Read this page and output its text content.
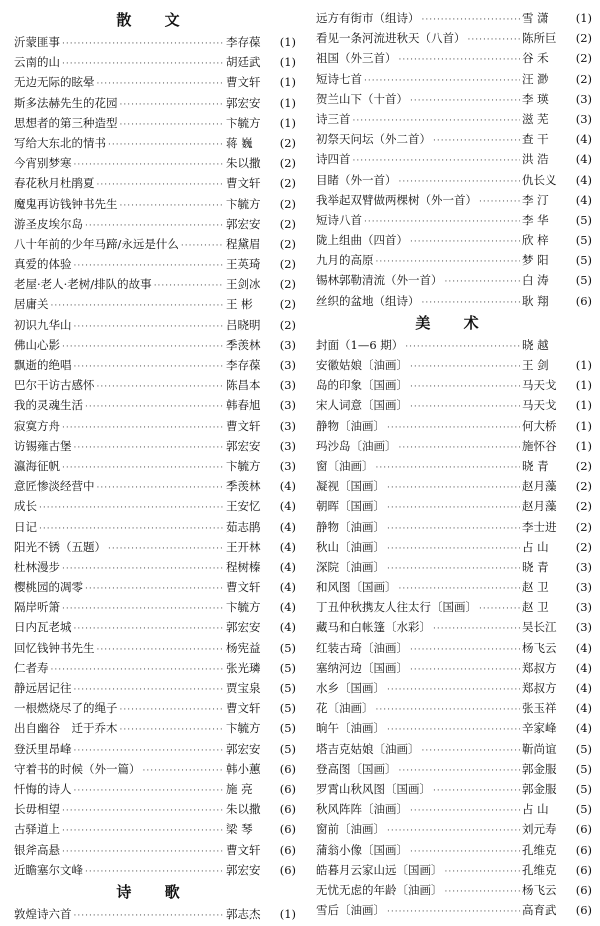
散 文
沂蒙匪事 ·····	李存葆	(1)
云南的山 ·····	胡廷武	(1)
无边无际的眩晕 ·····	曹文轩	(1)
斯多法赫先生的花园 ·····	郭宏安	(1)
思想者的第三种造型 ·····	卞毓方	(1)
写给大东北的情书 ·····	蒋 巍	(2)
今宵别梦寒 ·····	朱以撒	(2)
春花秋月杜鹃夏 ·····	曹文轩	(2)
魔鬼再访钱钟书先生 ·····	卞毓方	(2)
游圣皮埃尔岛 ·····	郭宏安	(2)
八十年前的少年马蹄/永远是什么 ·····	程黛眉	(2)
真爱的体验 ·····	王英琦	(2)
老屋·老人·老树/排队的故事 ·····	王剑冰	(2)
居庸关 ·····	王 彬	(2)
初识九华山 ·····	吕晓明	(2)
佛山心影 ·····	季羡林	(3)
飘逝的绝唱 ·····	李存葆	(3)
巴尔干访古感怀 ·····	陈昌本	(3)
我的灵魂生活 ·····	韩春旭	(3)
寂寞方舟 ·····	曹文轩	(3)
访锡雍古堡 ·····	郭宏安	(3)
瀛海征帆 ·····	卞毓方	(3)
意匠惨淡经营中 ·····	季羡林	(4)
成长 ·····	王安忆	(4)
日记 ·····	茹志鹃	(4)
阳光不锈（五题） ·····	王开林	(4)
杜林漫步 ·····	程树榛	(4)
樱桃园的凋零 ·····	曹文轩	(4)
隔岸听箫 ·····	卞毓方	(4)
日内瓦老城 ·····	郭宏安	(4)
回忆钱钟书先生 ·····	杨宪益	(5)
仁者寿 ·····	张光璘	(5)
静远居记往 ·····	贾宝泉	(5)
一根燃烧尽了的绳子 ·····	曹文轩	(5)
出自幽谷　迁于乔木 ·····	卞毓方	(5)
登沃里昂峰 ·····	郭宏安	(5)
守着书的时候（外一篇） ·····	韩小蕙	(6)
忏悔的诗人 ·····	施 亮	(6)
长毋相望 ·····	朱以撒	(6)
古驿道上 ·····	梁 琴	(6)
银斧高悬 ·····	曹文轩	(6)
近瞻塞尔文峰 ·····	郭宏安	(6)
诗 歌
敦煌诗六首 ·····	郭志杰	(1)
远方有街市（组诗） ·····	雪 潇	(1)
看见一条河流进秋天（八首） ·····	陈所巨	(2)
祖国（外三首） ·····	谷 禾	(2)
短诗七首 ·····	汪 渺	(2)
贺兰山下（十首） ·····	李 瑛	(3)
诗三首 ·····	滋 芜	(3)
初祭天问坛（外二首） ·····	查 干	(4)
诗四首 ·····	洪 浩	(4)
目睹（外一首） ·····	仇长义	(4)
我举起双臂做两棵树（外一首） ·····	李 汀	(4)
短诗八首 ·····	李 华	(5)
陇上组曲（四首） ·····	欣 梓	(5)
九月的高原 ·····	梦 阳	(5)
锡林郭勒清流（外一首） ·····	白 涛	(5)
丝织的盆地（组诗） ·····	耿 翔	(6)
美 术
封面（1—6 期） ·····	晓 越
安徽姑娘〔油画〕 ·····	王 剑	(1)
岛的印象〔国画〕 ·····	马天戈	(1)
宋人词意〔国画〕 ·····	马天戈	(1)
静物〔油画〕 ·····	何大桥	(1)
玛沙岛〔油画〕 ·····	施怀谷	(1)
窗〔油画〕 ·····	晓 青	(2)
凝视〔国画〕 ·····	赵月藻	(2)
朝晖〔国画〕 ·····	赵月藻	(2)
静物〔油画〕 ·····	李士进	(2)
秋山〔油画〕 ·····	占 山	(2)
深院〔油画〕 ·····	晓 青	(3)
和风图〔国画〕 ·····	赵 卫	(3)
丁丑仲秋携友人往太行〔国画〕 ·····	赵 卫	(3)
藏马和白帐篷〔水彩〕 ·····	吴长江	(3)
红装古琦〔油画〕 ·····	杨飞云	(4)
塞纳河边〔国画〕 ·····	郑叔方	(4)
水乡〔国画〕 ·····	郑叔方	(4)
花〔油画〕 ·····	张玉祥	(4)
晌午〔油画〕 ·····	辛家峰	(4)
塔吉克姑娘〔油画〕 ·····	靳尚谊	(5)
登高图〔国画〕 ·····	郭金服	(5)
罗霄山秋风图〔国画〕 ·····	郭金服	(5)
秋风阵阵〔油画〕 ·····	占 山	(5)
窗前〔油画〕 ·····	刘元寿	(6)
蒲翁小像〔国画〕 ·····	孔维克	(6)
皓暮月云家山远〔国画〕 ·····	孔维克	(6)
无忧无虑的年龄〔油画〕 ·····	杨飞云	(6)
雪后〔油画〕 ·····	高育武	(6)
